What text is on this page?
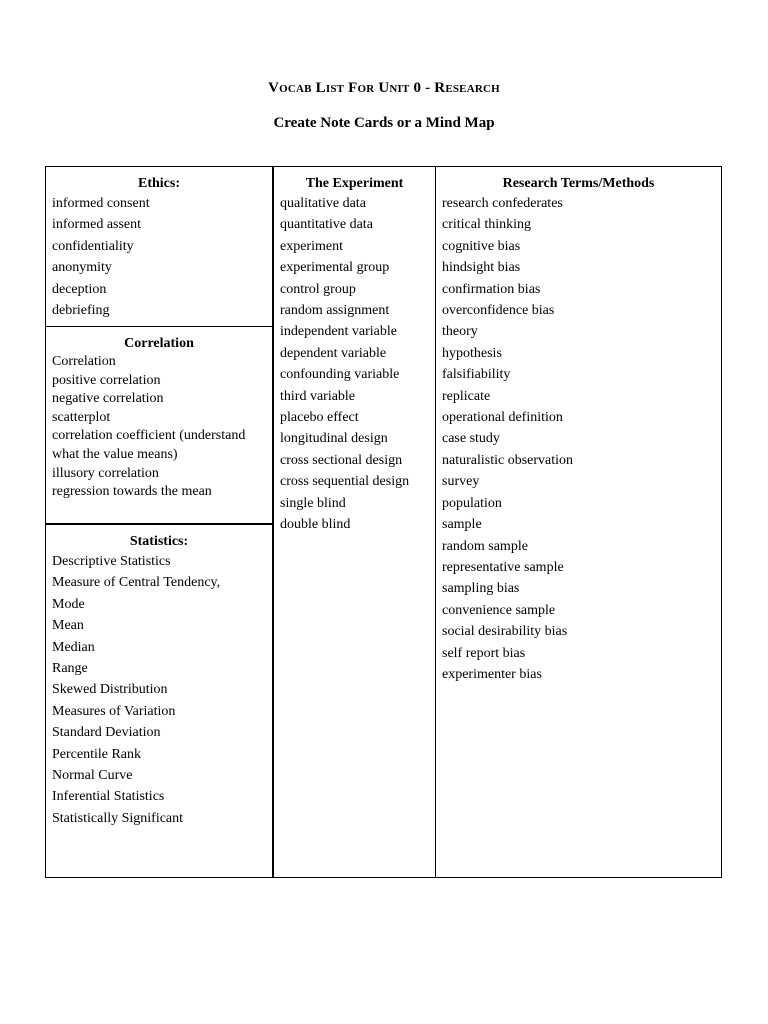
Vocab List For Unit 0 - Research
Create Note Cards or a Mind Map
Ethics:
informed consent
informed assent
confidentiality
anonymity
deception
debriefing
Correlation
Correlation
positive correlation
negative correlation
scatterplot
correlation coefficient (understand what the value means)
illusory correlation
regression towards the mean
Statistics:
Descriptive Statistics
Measure of Central Tendency,
Mode
Mean
Median
Range
Skewed Distribution
Measures of Variation
Standard Deviation
Percentile Rank
Normal Curve
Inferential Statistics
Statistically Significant
The Experiment
qualitative data
quantitative data
experiment
experimental group
control group
random assignment
independent variable
dependent variable
confounding variable
third variable
placebo effect
longitudinal design
cross sectional design
cross sequential design
single blind
double blind
Research Terms/Methods
research confederates
critical thinking
cognitive bias
hindsight bias
confirmation bias
overconfidence bias
theory
hypothesis
falsifiability
replicate
operational definition
case study
naturalistic observation
survey
population
sample
random sample
representative sample
sampling bias
convenience sample
social desirability bias
self report bias
experimenter bias
